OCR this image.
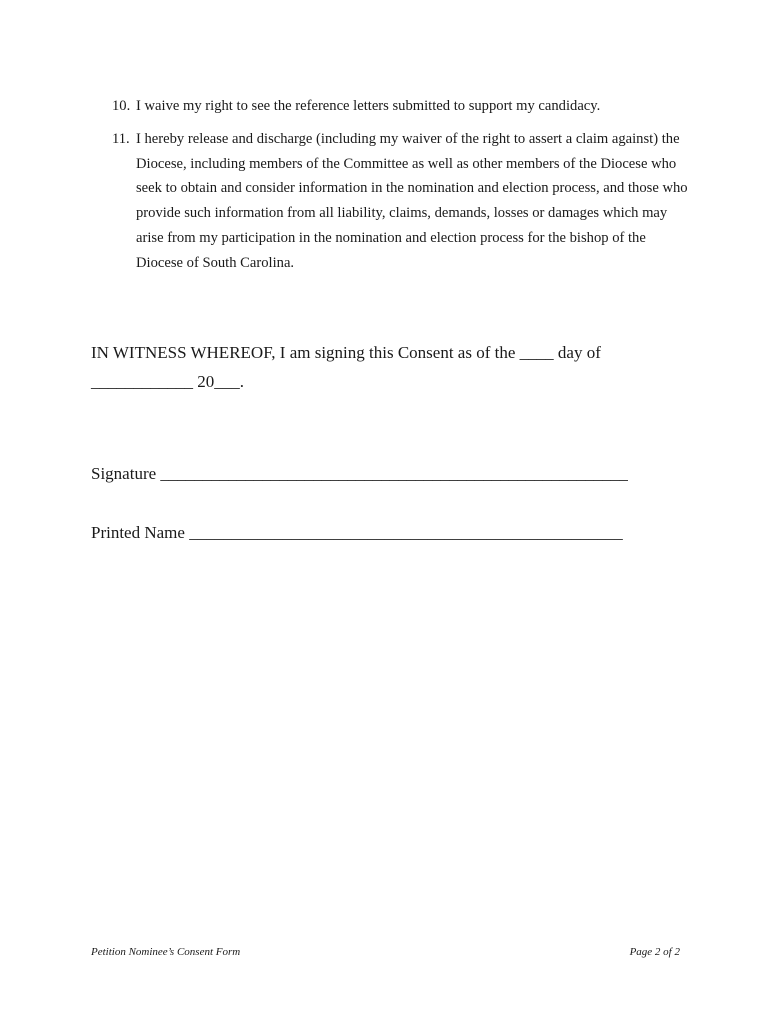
10. I waive my right to see the reference letters submitted to support my candidacy.
11. I hereby release and discharge (including my waiver of the right to assert a claim against) the Diocese, including members of the Committee as well as other members of the Diocese who seek to obtain and consider information in the nomination and election process, and those who provide such information from all liability, claims, demands, losses or damages which may arise from my participation in the nomination and election process for the bishop of the Diocese of South Carolina.

IN WITNESS WHEREOF, I am signing this Consent as of the ____ day of ____________ 20___.

Signature _______________________________________________________

Printed Name ___________________________________________________

Petition Nominee’s Consent Form	Page 2 of 2
